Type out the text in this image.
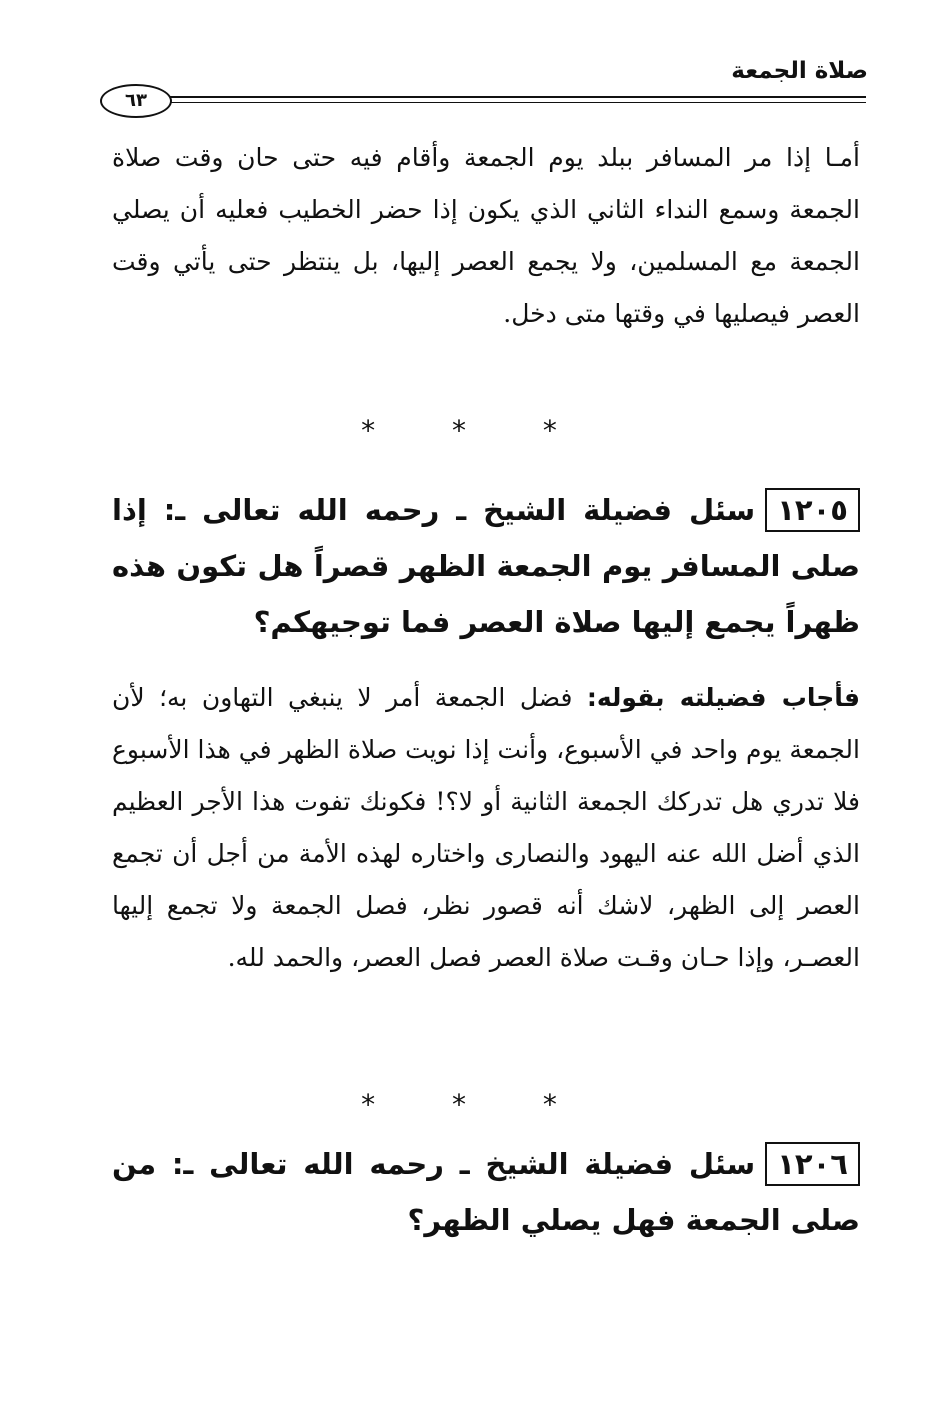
صلاة الجمعة
٦٣

أمـا إذا مر المسافر ببلد يوم الجمعة وأقام فيه حتى حان وقت صلاة الجمعة وسمع النداء الثاني الذي يكون إذا حضر الخطيب فعليه أن يصلي الجمعة مع المسلمين، ولا يجمع العصر إليها، بل ينتظر حتى يأتي وقت العصر فيصليها في وقتها متى دخل.

* * *

١٢٠٥سئل فضيلة الشيخ ـ رحمه الله تعالى ـ: إذا صلى المسافر يوم الجمعة الظهر قصراً هل تكون هذه ظهراً يجمع إليها صلاة العصر فما توجيهكم؟

فأجاب فضيلته بقوله: فضل الجمعة أمر لا ينبغي التهاون به؛ لأن الجمعة يوم واحد في الأسبوع، وأنت إذا نويت صلاة الظهر في هذا الأسبوع فلا تدري هل تدركك الجمعة الثانية أو لا؟! فكونك تفوت هذا الأجر العظيم الذي أضل الله عنه اليهود والنصارى واختاره لهذه الأمة من أجل أن تجمع العصر إلى الظهر، لاشك أنه قصور نظر، فصل الجمعة ولا تجمع إليها العصـر، وإذا حـان وقـت صلاة العصر فصل العصر، والحمد لله.

* * *

١٢٠٦سئل فضيلة الشيخ ـ رحمه الله تعالى ـ: من صلى الجمعة فهل يصلي الظهر؟
